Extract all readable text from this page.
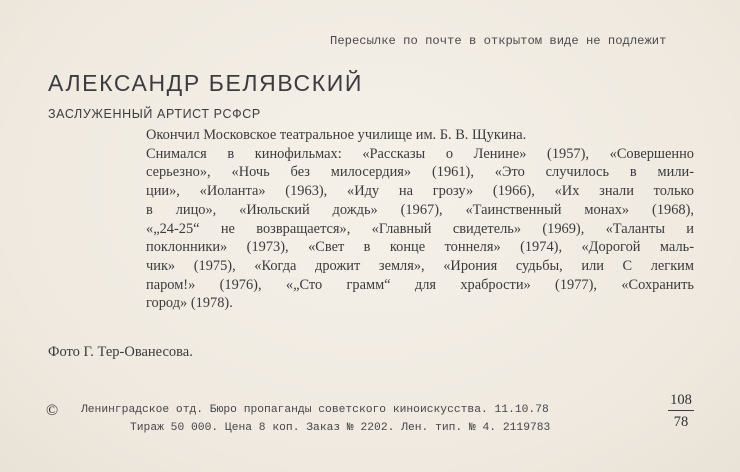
Пересылке по почте в открытом виде не подлежит
АЛЕКСАНДР БЕЛЯВСКИЙ
ЗАСЛУЖЕННЫЙ АРТИСТ РСФСР
Окончил Московское театральное училище им. Б. В. Щукина.
Снимался в кинофильмах: «Рассказы о Ленине» (1957), «Совершенно
серьезно», «Ночь без милосердия» (1961), «Это случилось в мили-
ции», «Иоланта» (1963), «Иду на грозу» (1966), «Их знали только
в лицо», «Июльский дождь» (1967), «Таинственный монах» (1968),
«„24-25“ не возвращается», «Главный свидетель» (1969), «Таланты и
поклонники» (1973), «Свет в конце тоннеля» (1974), «Дорогой маль-
чик» (1975), «Когда дрожит земля», «Ирония судьбы, или С легким
паром!» (1976), «„Сто грамм“ для храбрости» (1977), «Сохранить
город» (1978).
Фото Г. Тер-Ованесова.
© Ленинградское отд. Бюро пропаганды советского киноискусства. 11.10.78
Тираж 50 000. Цена 8 коп. Заказ № 2202. Лен. тип. № 4. 2119783
108
78
